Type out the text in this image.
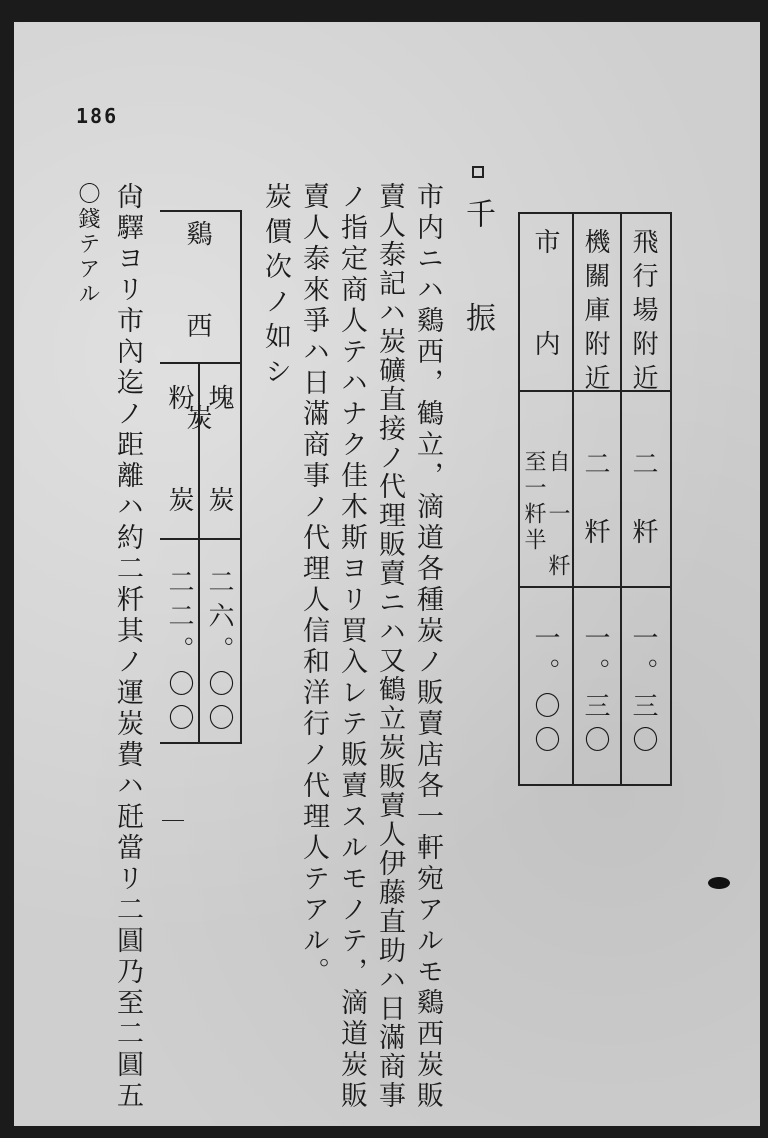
186
飛行場附近
機關庫附近
市　　内
二　粁
二　粁
自　一　粁
至一粁半
一。三〇
一。三〇
一。〇〇
千　振
市内ニハ鷄西，鶴立，滴道各種炭ノ販賣店各一軒宛アルモ鷄西炭販
賣人泰記ハ炭礦直接ノ代理販賣ニハ又鶴立炭販賣人伊藤直助ハ日滿商事
ノ指定商人テハナク佳木斯ヨリ買入レテ販賣スルモノテ，滴道炭販
賣人泰來爭ハ日滿商事ノ代理人信和洋行ノ代理人テアル。
炭價次ノ如シ
鷄　西　炭
塊　　炭
粉　　炭
二六。〇〇
二二。〇〇
尙驛ヨリ市內迄ノ距離ハ約二粁其ノ運炭費ハ瓩當リ二圓乃至二圓五
〇錢テアル
